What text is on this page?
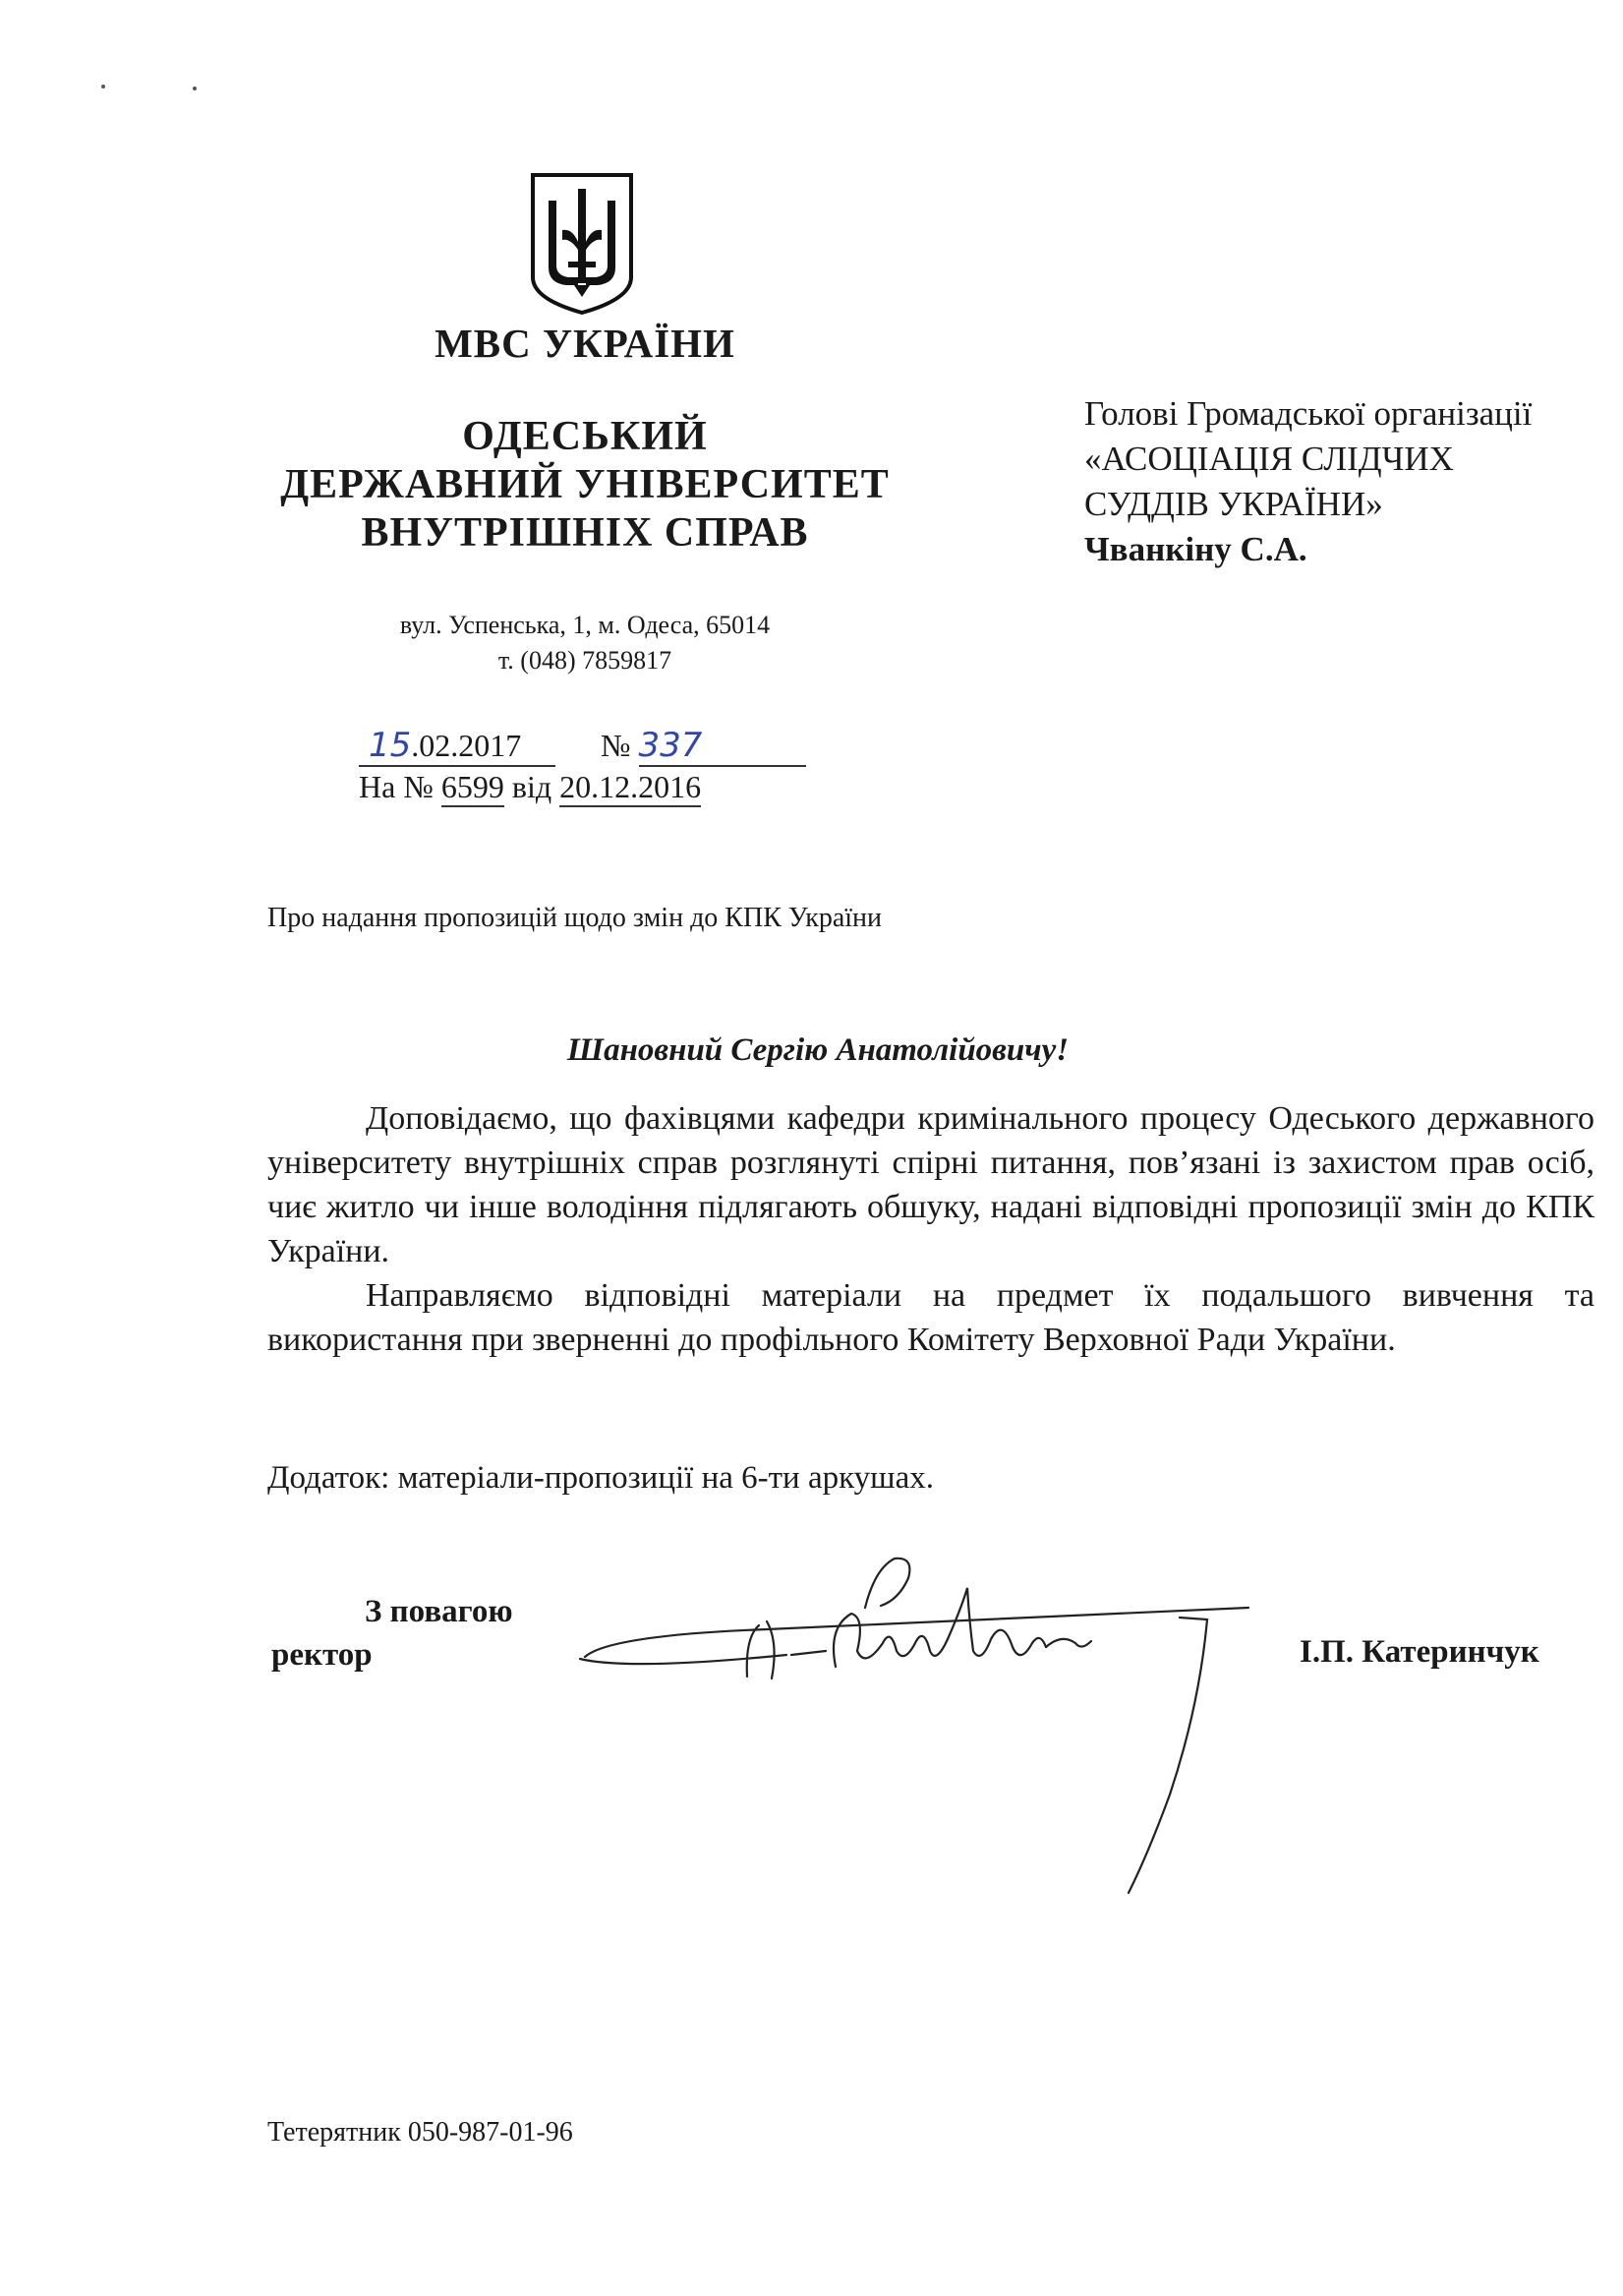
МВС УКРАЇНИ
ОДЕСЬКИЙ
ДЕРЖАВНИЙ УНІВЕРСИТЕТ
ВНУТРІШНІХ СПРАВ
вул. Успенська, 1, м. Одеса, 65014
т. (048) 7859817
15.02.2017	№ 337
На № 6599 від 20.12.2016
Голові Громадської організації
«АСОЦІАЦІЯ СЛІДЧИХ
СУДДІВ УКРАЇНИ»
Чванкіну С.А.
Про надання пропозицій щодо змін до КПК України
Шановний Сергію Анатолійовичу!

Доповідаємо, що фахівцями кафедри кримінального процесу Одеського державного університету внутрішніх справ розглянуті спірні питання, пов’язані із захистом прав осіб, чиє житло чи інше володіння підлягають обшуку, надані відповідні пропозиції змін до КПК України.

Направляємо відповідні матеріали на предмет їх подальшого вивчення та використання при зверненні до профільного Комітету Верховної Ради України.

Додаток: матеріали-пропозиції на 6-ти аркушах.
З повагою
ректор	І.П. Катеринчук
Тетерятник 050-987-01-96
